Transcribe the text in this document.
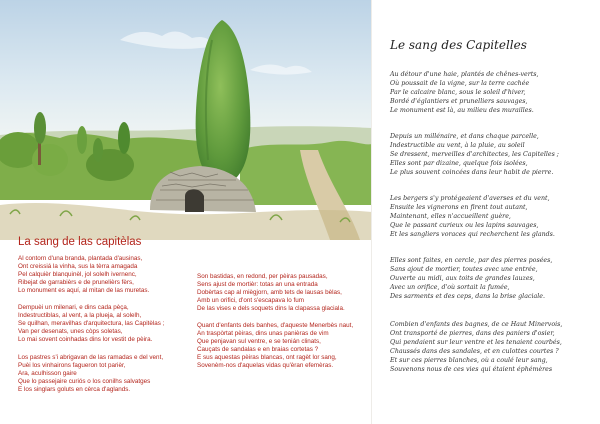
La sang de las capitèlas

Al contorn d'una branda, plantada d'ausinas,
Ont creissiá la vinha, sus la tèrra amagada
Pel calquièr blanquinèl, jol solelh ivernenc,
Ribejat de garrabièrs e de prunelièrs fèrs,
Lo monument es aquí, al mitan de las muretas.

Dempuèi un milenari, e dins cada pèça,
Indestructiblas, al vent, a la plueja, al solelh,
Se quilhan, meravilhas d'arquitectura, las Capitèlas ;
Van per desenats, unes còps soletas,
Lo mai sovent coinhadas dins lor vestit de pèira.

Los pastres s'i abrigavan de las ramadas e del vent,
Puèi los vinhairons fagueron tot parièr,
Ara, aculhisson gaire
Que lo passejaire curiós o los conilhs salvatges
E los singlars goluts en cèrca d'aglands.

Son bastidas, en redond, per pèiras pausadas,
Sens ajust de mortièr: totas an una entrada
Dobèrtas cap al miègjorn, amb tets de lausas bèlas,
Amb un orifici, d'ont s'escapava lo fum
De las vises e dels soquets dins la clapassa glaciala.

Quant d'enfants dels banhes, d'aqueste Menerbès naut,
An traspòrtat pèiras, dins unas panièras de vim
Que penjavan sul ventre, e se tenián clinats,
Cauçats de sandalas e en braias cortetas ?
E sus aquestas pèiras blancas, ont ragèt lor sang,
Sovenèm-nos d'aquelas vidas qu'èran efemèras.

Le sang des Capitelles

Au détour d'une haie, plantés de chênes-verts,
Où poussait de la vigne, sur la terre cachée
Par le calcaire blanc, sous le soleil d'hiver,
Bordé d'églantiers et prunelliers sauvages,
Le monument est là, au milieu des murailles.

Depuis un millénaire, et dans chaque parcelle,
Indestructible au vent, à la pluie, au soleil
Se dressent, merveilles d'architectes, les Capitelles ;
Elles sont par dizaine, quelque fois isolées,
Le plus souvent coincées dans leur habit de pierre.

Les bergers s'y protégeaient d'averses et du vent,
Ensuite les vignerons en firent tout autant,
Maintenant, elles n'accueillent guère,
Que le passant curieux ou les lapins sauvages,
Et les sangliers voraces qui recherchent les glands.

Elles sont faites, en cercle, par des pierres posées,
Sans ajout de mortier, toutes avec une entrée,
Ouverte au midi, aux toits de grandes lauzes,
Avec un orifice, d'où sortait la fumée,
Des sarments et des ceps, dans la brise glaciale.

Combien d'enfants des bagnes, de ce Haut Minervois,
Ont transporté de pierres, dans des paniers d'osier,
Qui pendaient sur leur ventre et les tenaient courbés,
Chaussés dans des sandales, et en culottes courtes ?
Et sur ces pierres blanches, où a coulé leur sang,
Souvenons nous de ces vies qui étaient éphémères
